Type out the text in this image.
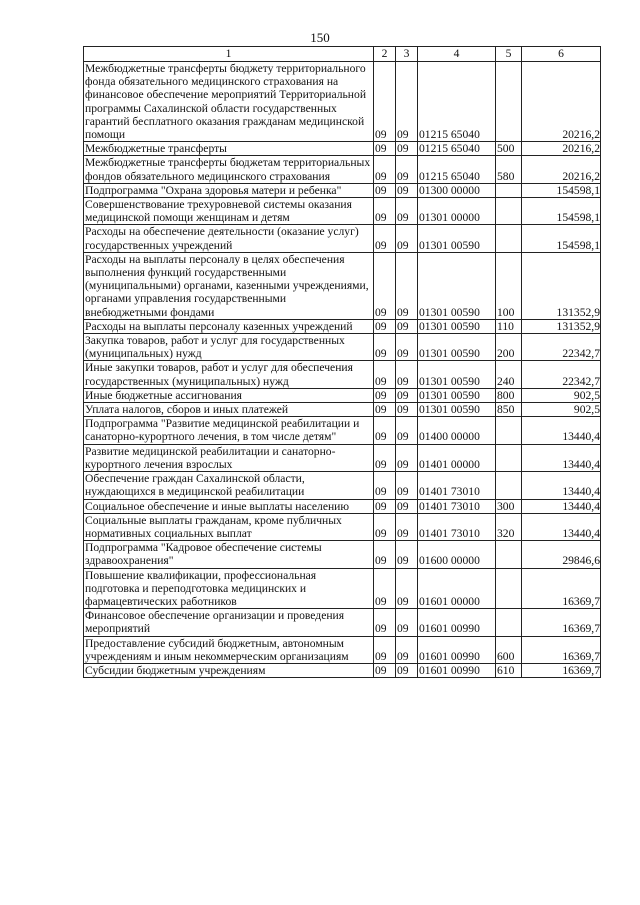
150
1	2	3	4	5	6
Межбюджетные трансферты бюджету территориального фонда обязательного медицинского страхования на финансовое обеспечение мероприятий Территориальной программы Сахалинской области государственных гарантий бесплатного оказания гражданам медицинской помощи	09	09	01215 65040		20216,2
Межбюджетные трансферты	09	09	01215 65040	500	20216,2
Межбюджетные трансферты бюджетам территориальных фондов обязательного медицинского страхования	09	09	01215 65040	580	20216,2
Подпрограмма "Охрана здоровья матери и ребенка"	09	09	01300 00000		154598,1
Совершенствование трехуровневой системы оказания медицинской помощи женщинам и детям	09	09	01301 00000		154598,1
Расходы на обеспечение деятельности (оказание услуг) государственных учреждений	09	09	01301 00590		154598,1
Расходы на выплаты персоналу в целях обеспечения выполнения функций государственными (муниципальными) органами, казенными учреждениями, органами управления государственными внебюджетными фондами	09	09	01301 00590	100	131352,9
Расходы на выплаты персоналу казенных учреждений	09	09	01301 00590	110	131352,9
Закупка товаров, работ и услуг для государственных (муниципальных) нужд	09	09	01301 00590	200	22342,7
Иные закупки товаров, работ и услуг для обеспечения государственных (муниципальных) нужд	09	09	01301 00590	240	22342,7
Иные бюджетные ассигнования	09	09	01301 00590	800	902,5
Уплата налогов, сборов и иных платежей	09	09	01301 00590	850	902,5
Подпрограмма "Развитие медицинской реабилитации и санаторно-курортного лечения, в том числе детям"	09	09	01400 00000		13440,4
Развитие медицинской реабилитации и санаторно-курортного лечения взрослых	09	09	01401 00000		13440,4
Обеспечение граждан Сахалинской области, нуждающихся в медицинской реабилитации	09	09	01401 73010		13440,4
Социальное обеспечение и иные выплаты населению	09	09	01401 73010	300	13440,4
Социальные выплаты гражданам, кроме публичных нормативных социальных выплат	09	09	01401 73010	320	13440,4
Подпрограмма "Кадровое обеспечение системы здравоохранения"	09	09	01600 00000		29846,6
Повышение квалификации, профессиональная подготовка и переподготовка медицинских и фармацевтических работников	09	09	01601 00000		16369,7
Финансовое обеспечение организации и проведения мероприятий	09	09	01601 00990		16369,7
Предоставление субсидий бюджетным, автономным учреждениям и иным некоммерческим организациям	09	09	01601 00990	600	16369,7
Субсидии бюджетным учреждениям	09	09	01601 00990	610	16369,7
